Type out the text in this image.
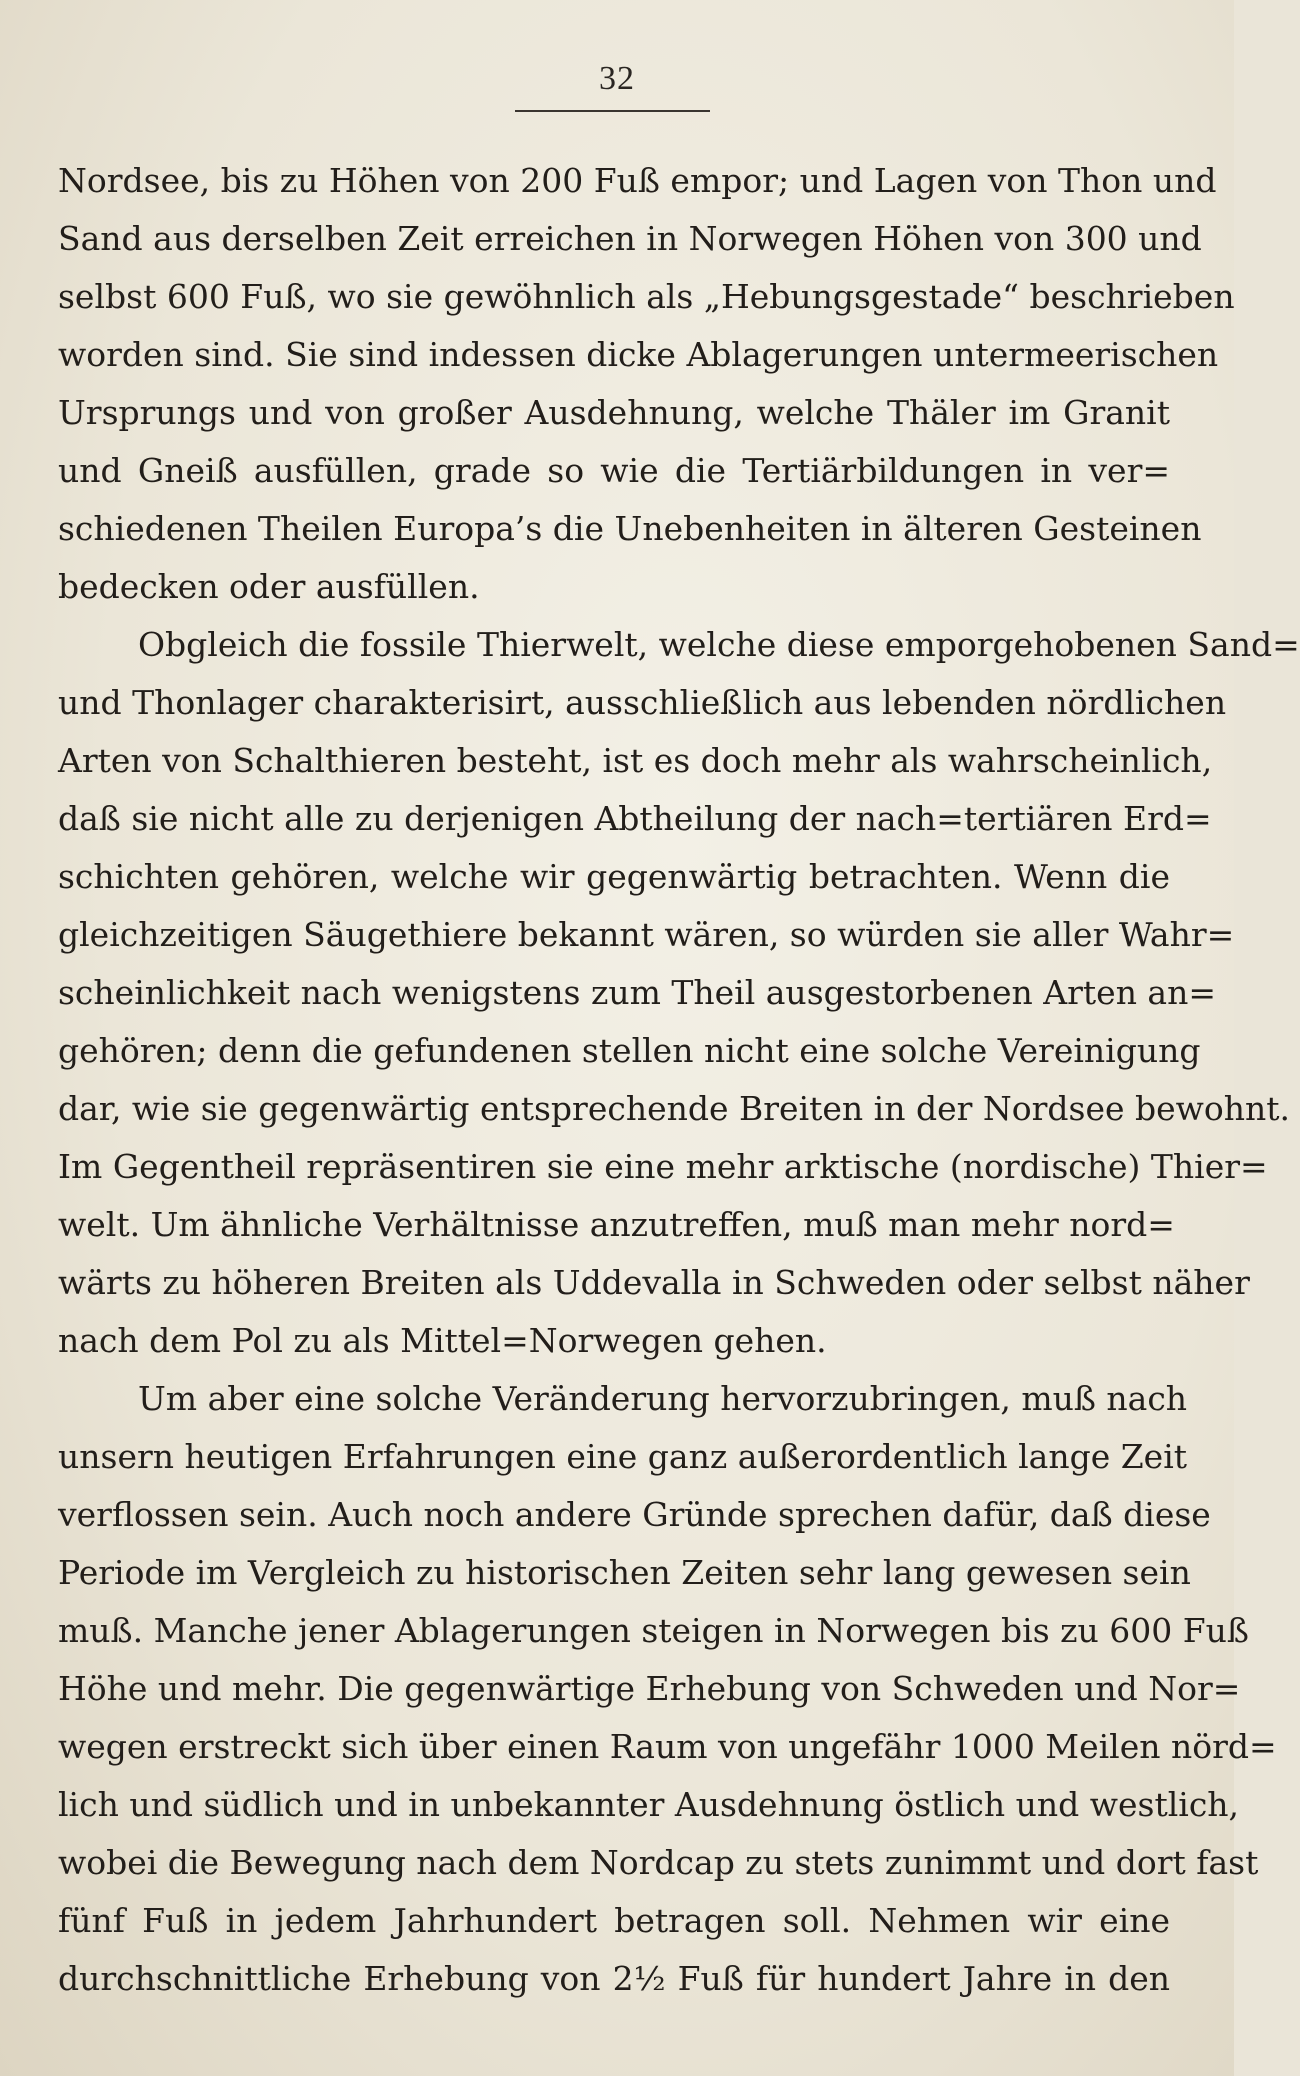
32
Nordsee, bis zu Höhen von 200 Fuß empor; und Lagen von Thon und
Sand aus derselben Zeit erreichen in Norwegen Höhen von 300 und
selbst 600 Fuß, wo sie gewöhnlich als „Hebungsgestade“ beschrieben
worden sind. Sie sind indessen dicke Ablagerungen untermeerischen
Ursprungs und von großer Ausdehnung, welche Thäler im Granit
und Gneiß ausfüllen, grade so wie die Tertiärbildungen in ver=
schiedenen Theilen Europa’s die Unebenheiten in älteren Gesteinen
bedecken oder ausfüllen.
Obgleich die fossile Thierwelt, welche diese emporgehobenen Sand=
und Thonlager charakterisirt, ausschließlich aus lebenden nördlichen
Arten von Schalthieren besteht, ist es doch mehr als wahrscheinlich,
daß sie nicht alle zu derjenigen Abtheilung der nach=tertiären Erd=
schichten gehören, welche wir gegenwärtig betrachten. Wenn die
gleichzeitigen Säugethiere bekannt wären, so würden sie aller Wahr=
scheinlichkeit nach wenigstens zum Theil ausgestorbenen Arten an=
gehören; denn die gefundenen stellen nicht eine solche Vereinigung
dar, wie sie gegenwärtig entsprechende Breiten in der Nordsee bewohnt.
Im Gegentheil repräsentiren sie eine mehr arktische (nordische) Thier=
welt. Um ähnliche Verhältnisse anzutreffen, muß man mehr nord=
wärts zu höheren Breiten als Uddevalla in Schweden oder selbst näher
nach dem Pol zu als Mittel=Norwegen gehen.
Um aber eine solche Veränderung hervorzubringen, muß nach
unsern heutigen Erfahrungen eine ganz außerordentlich lange Zeit
verflossen sein. Auch noch andere Gründe sprechen dafür, daß diese
Periode im Vergleich zu historischen Zeiten sehr lang gewesen sein
muß. Manche jener Ablagerungen steigen in Norwegen bis zu 600 Fuß
Höhe und mehr. Die gegenwärtige Erhebung von Schweden und Nor=
wegen erstreckt sich über einen Raum von ungefähr 1000 Meilen nörd=
lich und südlich und in unbekannter Ausdehnung östlich und westlich,
wobei die Bewegung nach dem Nordcap zu stets zunimmt und dort fast
fünf Fuß in jedem Jahrhundert betragen soll. Nehmen wir eine
durchschnittliche Erhebung von 2½ Fuß für hundert Jahre in den
